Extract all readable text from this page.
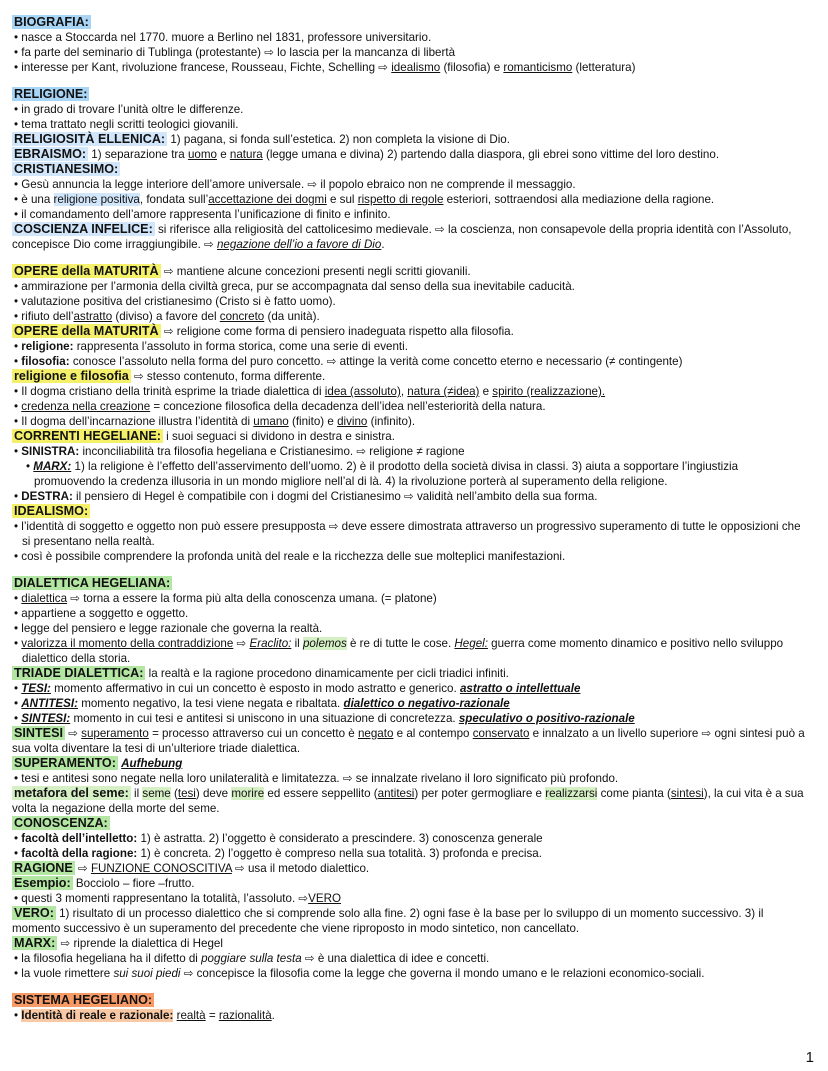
BIOGRAFIA:
• nasce a Stoccarda nel 1770. muore a Berlino nel 1831, professore universitario.
• fa parte del seminario di Tublinga (protestante) ⇨ lo lascia per la mancanza di libertà
• interesse per Kant, rivoluzione francese, Rousseau, Fichte, Schelling ⇨ idealismo (filosofia) e romanticismo (letteratura)
RELIGIONE:
• in grado di trovare l’unità oltre le differenze.
• tema trattato negli scritti teologici giovanili.
RELIGIOSITÀ ELLENICA: 1) pagana, si fonda sull’estetica. 2) non completa la visione di Dio.
EBRAISMO: 1) separazione tra uomo e natura (legge umana e divina) 2) partendo dalla diaspora, gli ebrei sono vittime del loro destino.
CRISTIANESIMO:
• Gesù annuncia la legge interiore dell’amore universale. ⇨ il popolo ebraico non ne comprende il messaggio.
• è una religione positiva, fondata sull’accettazione dei dogmi e sul rispetto di regole esteriori, sottraendosi alla mediazione della ragione.
• il comandamento dell’amore rappresenta l’unificazione di finito e infinito.
COSCIENZA INFELICE: si riferisce alla religiosità del cattolicesimo medievale. ⇨ la coscienza, non consapevole della propria identità con l’Assoluto, concepisce Dio come irraggiungibile. ⇨ negazione dell’io a favore di Dio.
OPERE della MATURITÀ ⇨ mantiene alcune concezioni presenti negli scritti giovanili.
• ammirazione per l’armonia della civiltà greca, pur se accompagnata dal senso della sua inevitabile caducità.
• valutazione positiva del cristianesimo (Cristo si è fatto uomo).
• rifiuto dell’astratto (diviso) a favore del concreto (da unità).
OPERE della MATURITÀ ⇨ religione come forma di pensiero inadeguata rispetto alla filosofia.
• religione: rappresenta l’assoluto in forma storica, come una serie di eventi.
• filosofia: conosce l’assoluto nella forma del puro concetto. ⇨ attinge la verità come concetto eterno e necessario (≠ contingente)
religione e filosofia ⇨ stesso contenuto, forma differente.
• Il dogma cristiano della trinità esprime la triade dialettica di idea (assoluto), natura (≠idea) e spirito (realizzazione).
• credenza nella creazione = concezione filosofica della decadenza dell’idea nell’esteriorità della natura.
• Il dogma dell’incarnazione illustra l’identità di umano (finito) e divino (infinito).
CORRENTI HEGELIANE: i suoi seguaci si dividono in destra e sinistra.
• SINISTRA: inconciliabilità tra filosofia hegeliana e Cristianesimo. ⇨ religione ≠ ragione
• MARX: 1) la religione è l’effetto dell’asservimento dell’uomo. 2) è il prodotto della società divisa in classi. 3) aiuta a sopportare l’ingiustizia promuovendo la credenza illusoria in un mondo migliore nell’al di là. 4) la rivoluzione porterà al superamento della religione.
• DESTRA: il pensiero di Hegel è compatibile con i dogmi del Cristianesimo ⇨ validità nell’ambito della sua forma.
IDEALISMO:
• l’identità di soggetto e oggetto non può essere presupposta ⇨ deve essere dimostrata attraverso un progressivo superamento di tutte le opposizioni che si presentano nella realtà.
• così è possibile comprendere la profonda unità del reale e la ricchezza delle sue molteplici manifestazioni.
DIALETTICA HEGELIANA:
• dialettica ⇨ torna a essere la forma più alta della conoscenza umana. (= platone)
• appartiene a soggetto e oggetto.
• legge del pensiero e legge razionale che governa la realtà.
• valorizza il momento della contraddizione ⇨ Eraclito: il polemos è re di tutte le cose. Hegel: guerra come momento dinamico e positivo nello sviluppo dialettico della storia.
TRIADE DIALETTICA: la realtà e la ragione procedono dinamicamente per cicli triadici infiniti.
• TESI: momento affermativo in cui un concetto è esposto in modo astratto e generico. astratto o intellettuale
• ANTITESI: momento negativo, la tesi viene negata e ribaltata. dialettico o negativo-razionale
• SINTESI: momento in cui tesi e antitesi si uniscono in una situazione di concretezza. speculativo o positivo-razionale
SINTESI ⇨ superamento = processo attraverso cui un concetto è negato e al contempo conservato e innalzato a un livello superiore ⇨ ogni sintesi può a sua volta diventare la tesi di un’ulteriore triade dialettica.
SUPERAMENTO: Aufhebung
• tesi e antitesi sono negate nella loro unilateralità e limitatezza. ⇨ se innalzate rivelano il loro significato più profondo.
metafora del seme: il seme (tesi) deve morire ed essere seppellito (antitesi) per poter germogliare e realizzarsi come pianta (sintesi), la cui vita è a sua volta la negazione della morte del seme.
CONOSCENZA:
• facoltà dell’intelletto: 1) è astratta. 2) l’oggetto è considerato a prescindere. 3) conoscenza generale
• facoltà della ragione: 1) è concreta. 2) l’oggetto è compreso nella sua totalità. 3) profonda e precisa.
RAGIONE ⇨ FUNZIONE CONOSCITIVA ⇨ usa il metodo dialettico.
Esempio: Bocciolo – fiore –frutto.
• questi 3 momenti rappresentano la totalità, l’assoluto. ⇨VERO
VERO: 1) risultato di un processo dialettico che si comprende solo alla fine. 2) ogni fase è la base per lo sviluppo di un momento successivo. 3) il momento successivo è un superamento del precedente che viene riproposto in modo sintetico, non cancellato.
MARX: ⇨ riprende la dialettica di Hegel
• la filosofia hegeliana ha il difetto di poggiare sulla testa ⇨ è una dialettica di idee e concetti.
• la vuole rimettere sui suoi piedi ⇨ concepisce la filosofia come la legge che governa il mondo umano e le relazioni economico-sociali.
SISTEMA HEGELIANO:
• Identità di reale e razionale: realtà = razionalità.
1
